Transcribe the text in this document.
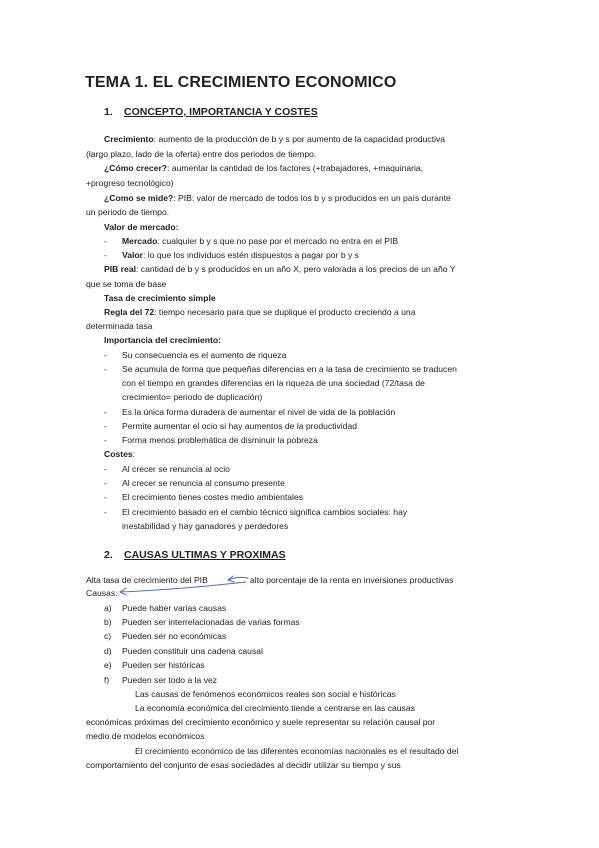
TEMA 1. EL CRECIMIENTO ECONOMICO
1. CONCEPTO, IMPORTANCIA Y COSTES
Crecimiento: aumento de la producción de b y s por aumento de la capacidad productiva
(largo plazo, lado de la oferta) entre dos periodos de tiempo.
¿Cómo crecer?: aumentar la cantidad de los factores (+trabajadores, +maquinaria,
+progreso tecnológico)
¿Como se mide?: PIB: valor de mercado de todos los b y s producidos en un país durante
un periodo de tiempo.
Valor de mercado:
- Mercado: cualquier b y s que no pase por el mercado no entra en el PIB
- Valor: lo que los individuos estén dispuestos a pagar por b y s
PIB real: cantidad de b y s producidos en un año X, pero valorada a los precios de un año Y
que se toma de base
Tasa de crecimiento simple
Regla del 72: tiempo necesario para que se duplique el producto creciendo a una
determinada tasa
Importancia del crecimiento:
- Su consecuencia es el aumento de riqueza
- Se acumula de forma que pequeñas diferencias en a la tasa de crecimiento se traducen
con el tiempo en grandes diferencias en la riqueza de una sociedad (72/tasa de
crecimiento= periodo de duplicación)
- Es la única forma duradera de aumentar el nivel de vida de la población
- Permite aumentar el ocio si hay aumentos de la productividad
- Forma menos problemática de disminuir la pobreza
Costes:
- Al crecer se renuncia al ocio
- Al crecer se renuncia al consumo presente
- El crecimiento tienes costes medio ambientales
- El crecimiento basado en el cambio técnico significa cambios sociales: hay
inestabilidad y hay ganadores y perdedores
2. CAUSAS ULTIMAS Y PROXIMAS
Alta tasa de crecimiento del PIB	alto porcentaje de la renta en inversiones productivas
Causas:
a) Puede haber varias causas
b) Pueden ser interrelacionadas de varias formas
c) Pueden ser no económicas
d) Pueden constituir una cadena causal
e) Pueden ser históricas
f) Pueden ser todo a la vez
Las causas de fenómenos económicos reales son social e históricas
La economía económica del crecimiento tiende a centrarse en las causas
económicas próximas del crecimiento económico y suele representar su relación causal por
medio de modelos económicos
El crecimiento económico de las diferentes economías nacionales es el resultado del
comportamiento del conjunto de esas sociedades al decidir utilizar su tiempo y sus
